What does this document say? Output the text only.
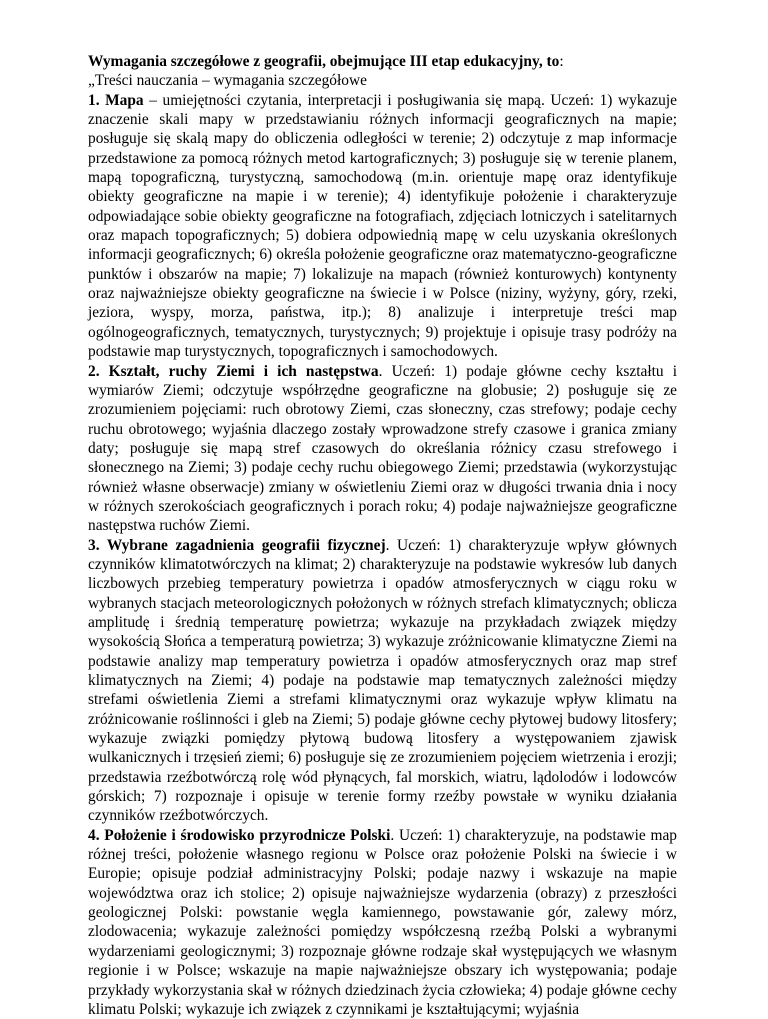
Wymagania szczegółowe z geografii, obejmujące III etap edukacyjny, to:

„Treści nauczania – wymagania szczegółowe

1. Mapa – umiejętności czytania, interpretacji i posługiwania się mapą. Uczeń: 1) wykazuje znaczenie skali mapy w przedstawianiu różnych informacji geograficznych na mapie; posługuje się skalą mapy do obliczenia odległości w terenie; 2) odczytuje z map informacje przedstawione za pomocą różnych metod kartograficznych; 3) posługuje się w terenie planem, mapą topograficzną, turystyczną, samochodową (m.in. orientuje mapę oraz identyfikuje obiekty geograficzne na mapie i w terenie); 4) identyfikuje położenie i charakteryzuje odpowiadające sobie obiekty geograficzne na fotografiach, zdjęciach lotniczych i satelitarnych oraz mapach topograficznych; 5) dobiera odpowiednią mapę w celu uzyskania określonych informacji geograficznych; 6) określa położenie geograficzne oraz matematyczno-geograficzne punktów i obszarów na mapie; 7) lokalizuje na mapach (również konturowych) kontynenty oraz najważniejsze obiekty geograficzne na świecie i w Polsce (niziny, wyżyny, góry, rzeki, jeziora, wyspy, morza, państwa, itp.); 8) analizuje i interpretuje treści map ogólnogeograficznych, tematycznych, turystycznych; 9) projektuje i opisuje trasy podróży na podstawie map turystycznych, topograficznych i samochodowych.

2. Kształt, ruchy Ziemi i ich następstwa. Uczeń: 1) podaje główne cechy kształtu i wymiarów Ziemi; odczytuje współrzędne geograficzne na globusie; 2) posługuje się ze zrozumieniem pojęciami: ruch obrotowy Ziemi, czas słoneczny, czas strefowy; podaje cechy ruchu obrotowego; wyjaśnia dlaczego zostały wprowadzone strefy czasowe i granica zmiany daty; posługuje się mapą stref czasowych do określania różnicy czasu strefowego i słonecznego na Ziemi; 3) podaje cechy ruchu obiegowego Ziemi; przedstawia (wykorzystując również własne obserwacje) zmiany w oświetleniu Ziemi oraz w długości trwania dnia i nocy w różnych szerokościach geograficznych i porach roku; 4) podaje najważniejsze geograficzne następstwa ruchów Ziemi.

3. Wybrane zagadnienia geografii fizycznej. Uczeń: 1) charakteryzuje wpływ głównych czynników klimatotwórczych na klimat; 2) charakteryzuje na podstawie wykresów lub danych liczbowych przebieg temperatury powietrza i opadów atmosferycznych w ciągu roku w wybranych stacjach meteorologicznych położonych w różnych strefach klimatycznych; oblicza amplitudę i średnią temperaturę powietrza; wykazuje na przykładach związek między wysokością Słońca a temperaturą powietrza; 3) wykazuje zróżnicowanie klimatyczne Ziemi na podstawie analizy map temperatury powietrza i opadów atmosferycznych oraz map stref klimatycznych na Ziemi; 4) podaje na podstawie map tematycznych zależności między strefami oświetlenia Ziemi a strefami klimatycznymi oraz wykazuje wpływ klimatu na zróżnicowanie roślinności i gleb na Ziemi; 5) podaje główne cechy płytowej budowy litosfery; wykazuje związki pomiędzy płytową budową litosfery a występowaniem zjawisk wulkanicznych i trzęsień ziemi; 6) posługuje się ze zrozumieniem pojęciem wietrzenia i erozji; przedstawia rzeźbotwórczą rolę wód płynących, fal morskich, wiatru, lądolodów i lodowców górskich; 7) rozpoznaje i opisuje w terenie formy rzeźby powstałe w wyniku działania czynników rzeźbotwórczych.

4. Położenie i środowisko przyrodnicze Polski. Uczeń: 1) charakteryzuje, na podstawie map różnej treści, położenie własnego regionu w Polsce oraz położenie Polski na świecie i w Europie; opisuje podział administracyjny Polski; podaje nazwy i wskazuje na mapie województwa oraz ich stolice; 2) opisuje najważniejsze wydarzenia (obrazy) z przeszłości geologicznej Polski: powstanie węgla kamiennego, powstawanie gór, zalewy mórz, zlodowacenia; wykazuje zależności pomiędzy współczesną rzeźbą Polski a wybranymi wydarzeniami geologicznymi; 3) rozpoznaje główne rodzaje skał występujących we własnym regionie i w Polsce; wskazuje na mapie najważniejsze obszary ich występowania; podaje przykłady wykorzystania skał w różnych dziedzinach życia człowieka; 4) podaje główne cechy klimatu Polski; wykazuje ich związek z czynnikami je kształtującymi; wyjaśnia
